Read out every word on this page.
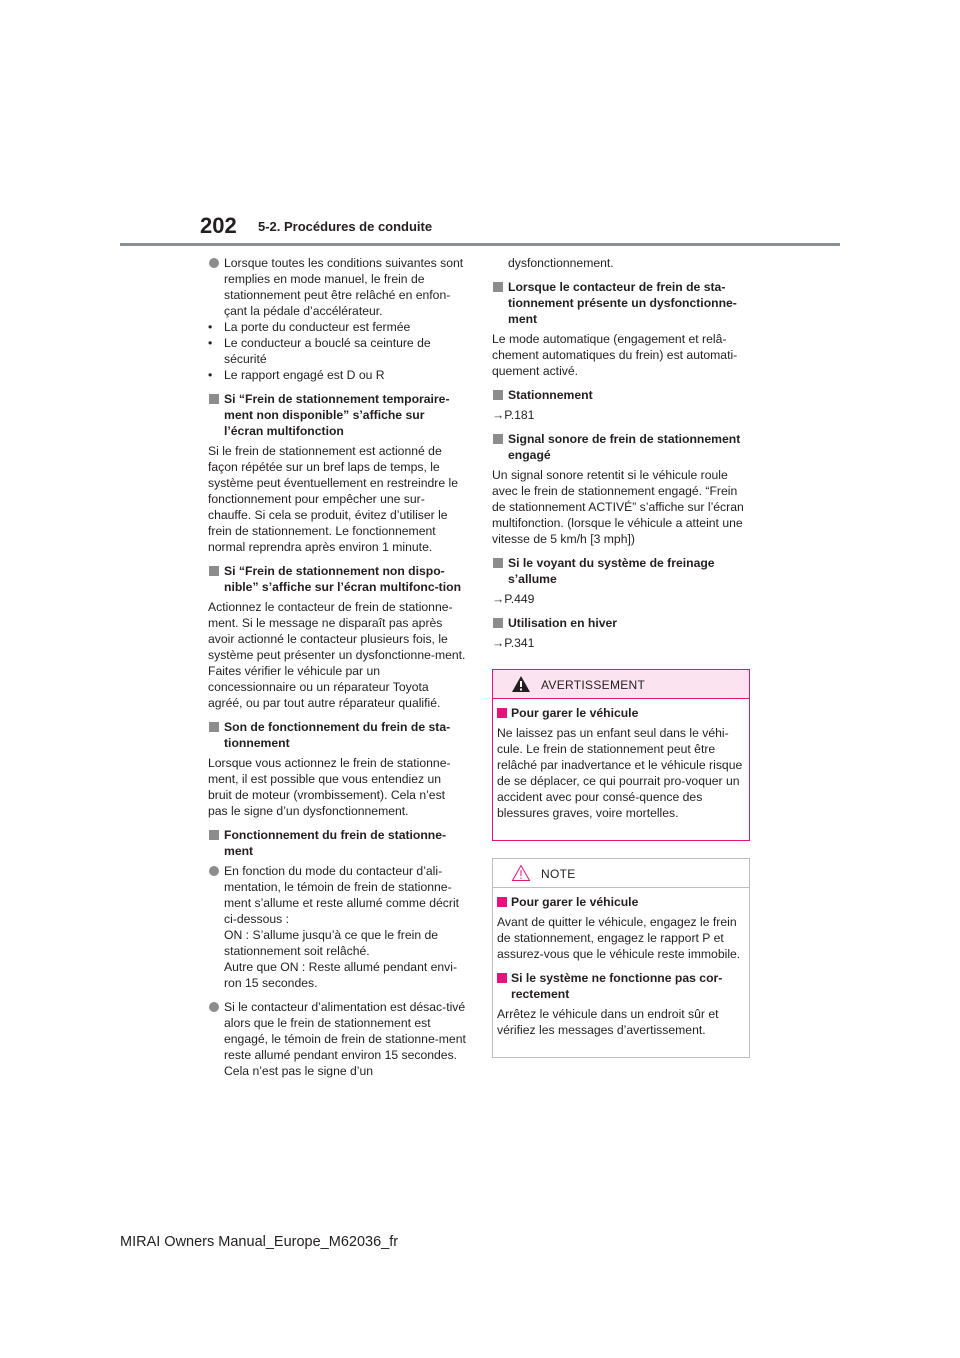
202 5-2. Procédures de conduite
Lorsque toutes les conditions suivantes sont remplies en mode manuel, le frein de stationnement peut être relâché en enfon-çant la pédale d’accélérateur.
• La porte du conducteur est fermée
• Le conducteur a bouclé sa ceinture de sécurité
• Le rapport engagé est D ou R
Si “Frein de stationnement temporaire-ment non disponible” s’affiche sur l’écran multifonction
Si le frein de stationnement est actionné de façon répétée sur un bref laps de temps, le système peut éventuellement en restreindre le fonctionnement pour empêcher une sur-chauffe. Si cela se produit, évitez d’utiliser le frein de stationnement. Le fonctionnement normal reprendra après environ 1 minute.
Si “Frein de stationnement non dispo-nible” s’affiche sur l’écran multifonc-tion
Actionnez le contacteur de frein de stationne-ment. Si le message ne disparaît pas après avoir actionné le contacteur plusieurs fois, le système peut présenter un dysfonctionne-ment. Faites vérifier le véhicule par un concessionnaire ou un réparateur Toyota agréé, ou par tout autre réparateur qualifié.
Son de fonctionnement du frein de sta-tionnement
Lorsque vous actionnez le frein de stationne-ment, il est possible que vous entendiez un bruit de moteur (vrombissement). Cela n’est pas le signe d’un dysfonctionnement.
Fonctionnement du frein de stationne-ment
En fonction du mode du contacteur d’ali-mentation, le témoin de frein de stationne-ment s’allume et reste allumé comme décrit ci-dessous :
ON : S’allume jusqu’à ce que le frein de stationnement soit relâché.
Autre que ON : Reste allumé pendant envi-ron 15 secondes.
Si le contacteur d’alimentation est désac-tivé alors que le frein de stationnement est engagé, le témoin de frein de stationne-ment reste allumé pendant environ 15 secondes. Cela n’est pas le signe d’un
dysfonctionnement.
Lorsque le contacteur de frein de sta-tionnement présente un dysfonctionne-ment
Le mode automatique (engagement et relâ-chement automatiques du frein) est automati-quement activé.
Stationnement
→P.181
Signal sonore de frein de stationnement engagé
Un signal sonore retentit si le véhicule roule avec le frein de stationnement engagé. “Frein de stationnement ACTIVÉ” s’affiche sur l’écran multifonction. (lorsque le véhicule a atteint une vitesse de 5 km/h [3 mph])
Si le voyant du système de freinage s’allume
→P.449
Utilisation en hiver
→P.341
AVERTISSEMENT
Pour garer le véhicule
Ne laissez pas un enfant seul dans le véhi-cule. Le frein de stationnement peut être relâché par inadvertance et le véhicule risque de se déplacer, ce qui pourrait pro-voquer un accident avec pour consé-quence des blessures graves, voire mortelles.
NOTE
Pour garer le véhicule
Avant de quitter le véhicule, engagez le frein de stationnement, engagez le rapport P et assurez-vous que le véhicule reste immobile.
Si le système ne fonctionne pas cor-rectement
Arrêtez le véhicule dans un endroit sûr et vérifiez les messages d’avertissement.
MIRAI Owners Manual_Europe_M62036_fr
